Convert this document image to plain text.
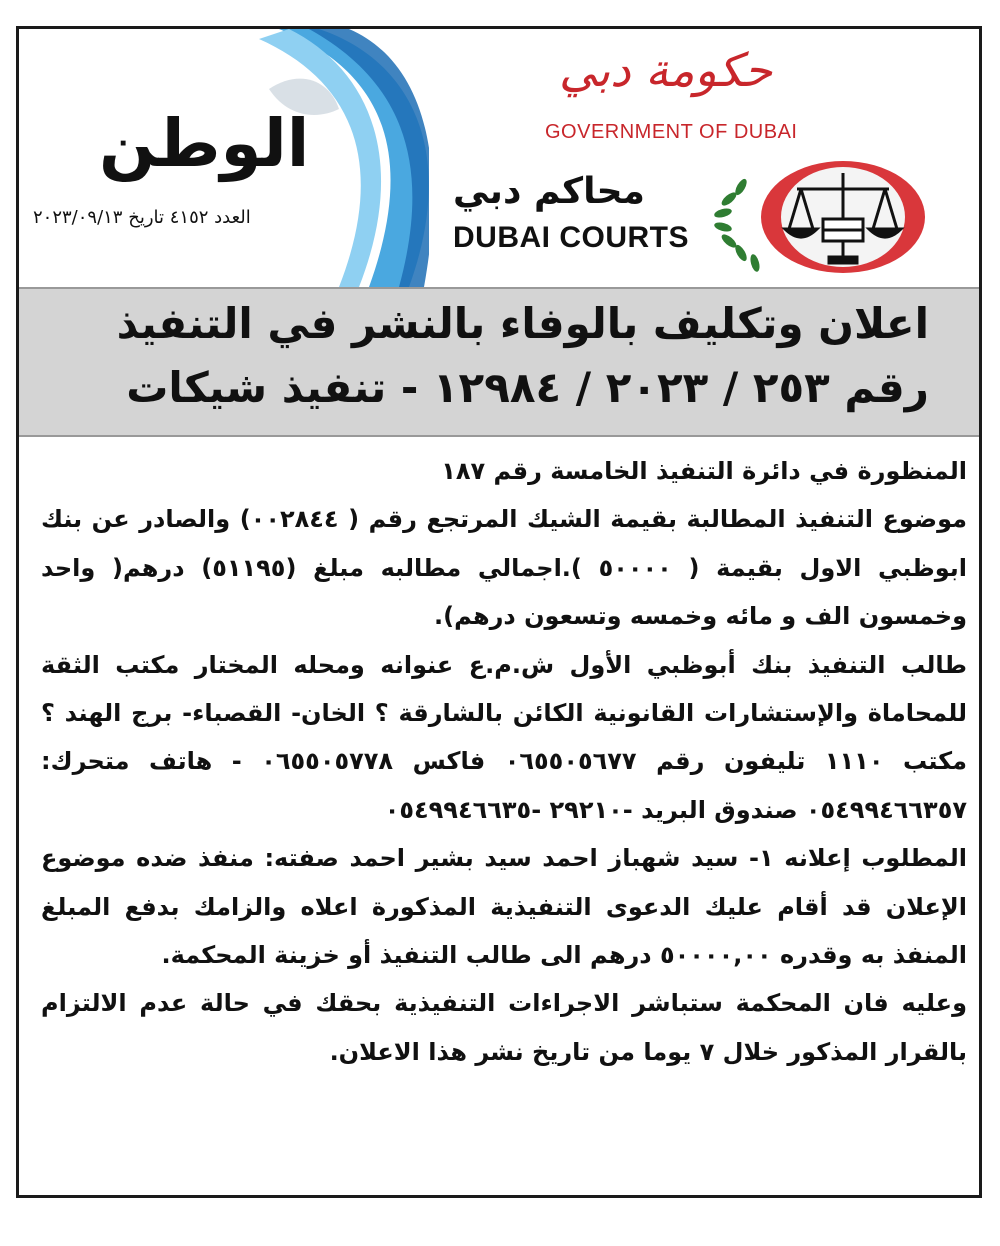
الوطن
العدد ٤١٥٢ تاريخ ٢٠٢٣/٠٩/١٣
حكومة دبي
GOVERNMENT OF DUBAI
محاكم دبي
DUBAI COURTS
اعلان وتكليف بالوفاء بالنشر في التنفيذ
رقم ٢٥٣ / ٢٠٢٣ / ١٢٩٨٤ - تنفيذ شيكات

المنظورة في دائرة التنفيذ الخامسة رقم ١٨٧

موضوع التنفيذ المطالبة بقيمة الشيك المرتجع رقم ( ٠٠٢٨٤٤) والصادر عن بنك ابوظبي الاول بقيمة ( ٥٠٠٠٠ ).اجمالي مطالبه مبلغ (٥١١٩٥) درهم( واحد وخمسون الف و مائه وخمسه وتسعون درهم).

طالب التنفيذ بنك أبوظبي الأول ش.م.ع عنوانه ومحله المختار مكتب الثقة للمحاماة والإستشارات القانونية الكائن بالشارقة ؟ الخان- القصباء- برج الهند ؟ مكتب ١١١٠ تليفون رقم ٠٦٥٥٠٥٦٧٧ فاكس ٠٦٥٥٠٥٧٧٨ - هاتف متحرك: ٠٥٤٩٩٤٦٦٣٥٧ صندوق البريد -٢٩٢١٠ -٠٥٤٩٩٤٦٦٣٥

المطلوب إعلانه ١- سيد شهباز احمد سيد بشير احمد صفته: منفذ ضده موضوع الإعلان قد أقام عليك الدعوى التنفيذية المذكورة اعلاه والزامك بدفع المبلغ المنفذ به وقدره ٥٠٠٠٠,٠٠ درهم الى طالب التنفيذ أو خزينة المحكمة.

وعليه فان المحكمة ستباشر الاجراءات التنفيذية بحقك في حالة عدم الالتزام بالقرار المذكور خلال ٧ يوما من تاريخ نشر هذا الاعلان.
